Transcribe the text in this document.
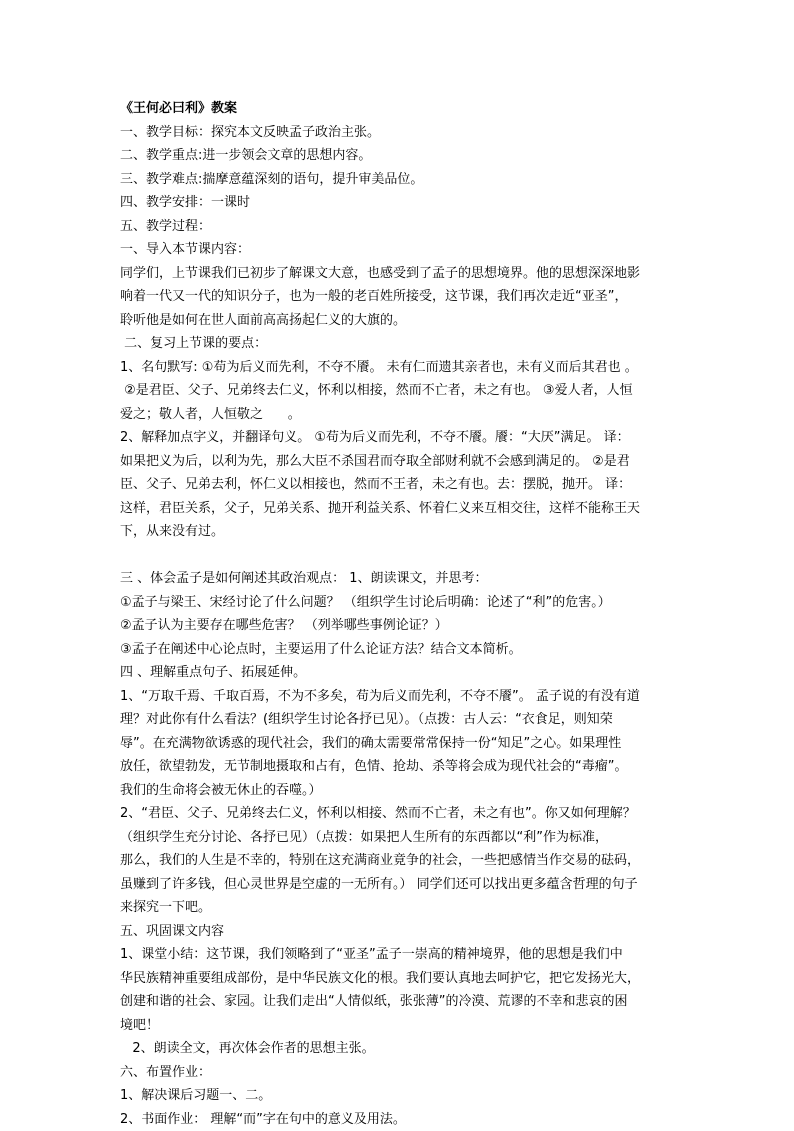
《王何必曰利》教案
一、教学目标：探究本文反映孟子政治主张。
二、教学重点:进一步领会文章的思想内容。
三、教学难点:揣摩意蕴深刻的语句，提升审美品位。
四、教学安排：一课时
五、教学过程：
一、导入本节课内容：
同学们，上节课我们已初步了解课文大意，也感受到了孟子的思想境界。他的思想深深地影
响着一代又一代的知识分子，也为一般的老百姓所接受，这节课，我们再次走近“亚圣”，
聆听他是如何在世人面前高高扬起仁义的大旗的。
二、复习上节课的要点：
1、名句默写: ①苟为后义而先利，不夺不餍。 未有仁而遗其亲者也，未有义而后其君也 。
②是君臣、父子、兄弟终去仁义，怀利以相接，然而不亡者，未之有也。 ③爱人者，人恒
爱之；敬人者，人恒敬之      。
2、解释加点字义，并翻译句义。 ①苟为后义而先利，不夺不餍。餍：“大厌”满足。 译：
如果把义为后，以利为先，那么大臣不杀国君而夺取全部财利就不会感到满足的。 ②是君
臣、父子、兄弟去利，怀仁义以相接也，然而不王者，未之有也。去：摆脱，抛开。 译：
这样，君臣关系，父子，兄弟关系、抛开利益关系、怀着仁义来互相交往，这样不能称王天
下，从来没有过。
三 、体会孟子是如何阐述其政治观点： 1、朗读课文，并思考：
①孟子与梁王、宋经讨论了什么问题？ （组织学生讨论后明确：论述了“利”的危害。）
②孟子认为主要存在哪些危害？ （列举哪些事例论证？）
③孟子在阐述中心论点时，主要运用了什么论证方法？结合文本简析。
四 、理解重点句子、拓展延伸。
1、“万取千焉、千取百焉，不为不多矣，苟为后义而先利，不夺不餍”。 孟子说的有没有道
理？对此你有什么看法？(组织学生讨论各抒已见）。（点拨：古人云：“衣食足，则知荣
辱”。在充满物欲诱惑的现代社会，我们的确太需要常常保持一份“知足”之心。如果理性
放任，欲望勃发，无节制地摄取和占有，色情、抢劫、杀等将会成为现代社会的“毒瘤”。
我们的生命将会被无休止的吞噬。）
2、“君臣、父子、兄弟终去仁义，怀利以相接、然而不亡者，未之有也”。你又如何理解？
（组织学生充分讨论、各抒已见）（点拨：如果把人生所有的东西都以“利”作为标准，
那么，我们的人生是不幸的，特别在这充满商业竟争的社会，一些把感情当作交易的砝码，
虽赚到了许多钱，但心灵世界是空虚的一无所有。） 同学们还可以找出更多蕴含哲理的句子
来探究一下吧。
五、巩固课文内容
1、课堂小结：这节课，我们领略到了“亚圣”孟子一崇高的精神境界，他的思想是我们中
华民族精神重要组成部份，是中华民族文化的根。我们要认真地去呵护它，把它发扬光大，
创建和谐的社会、家园。让我们走出“人情似纸，张张薄”的冷漠、荒谬的不幸和悲哀的困
境吧！
2、朗读全文，再次体会作者的思想主张。
六、布置作业：
1、解决课后习题一、二。
2、书面作业： 理解“而”字在句中的意义及用法。
